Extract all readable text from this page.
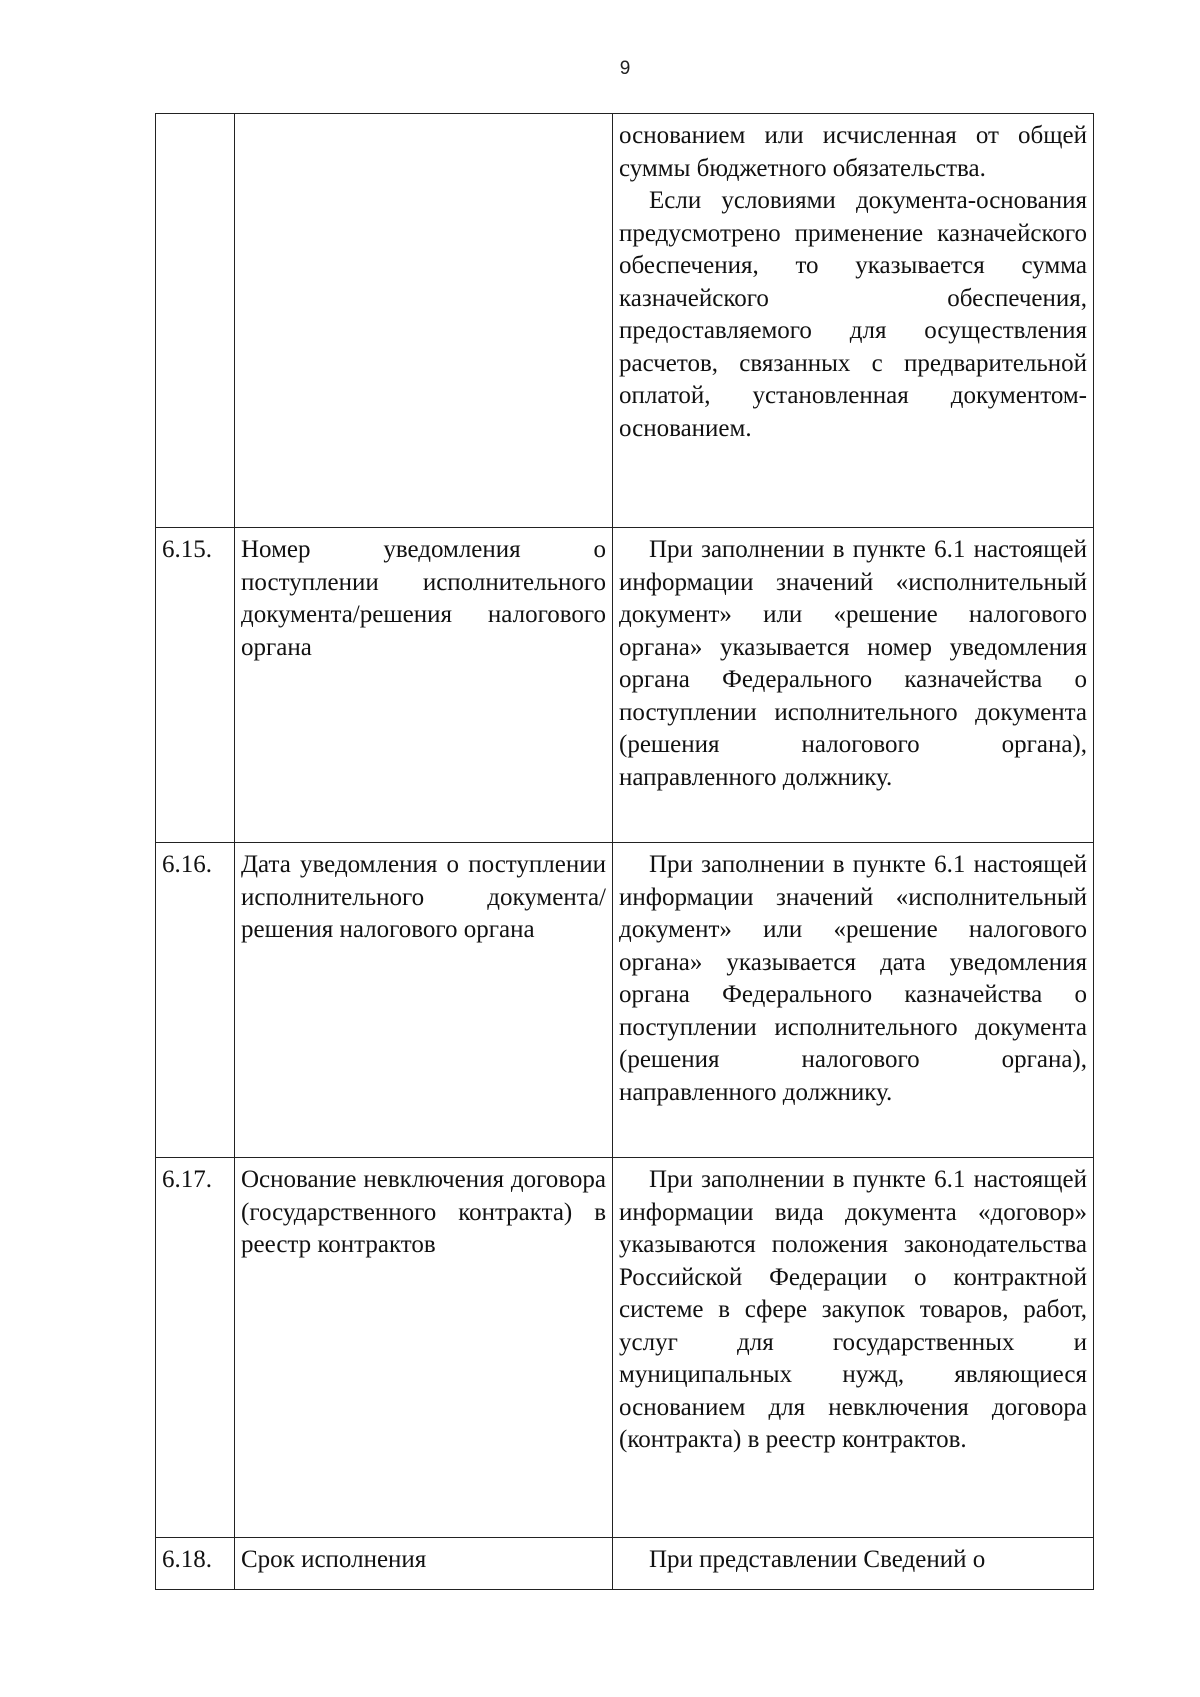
9

		основанием или исчисленная от общей суммы бюджетного обязательства.

Если условиями документа-основания предусмотрено применение казначейского обеспечения, то указывается сумма казначейского обеспечения, предоставляемого для осуществления расчетов, связанных с предварительной оплатой, установленная документом-основанием.

6.15.	Номер уведомления о поступлении исполнительного документа/решения налогового органа	При заполнении в пункте 6.1 настоящей информации значений «исполнительный документ» или «решение налогового органа» указывается номер уведомления органа Федерального казначейства о поступлении исполнительного документа (решения налогового органа), направленного должнику.

6.16.	Дата уведомления о поступлении исполнительного документа/решения налогового органа	При заполнении в пункте 6.1 настоящей информации значений «исполнительный документ» или «решение налогового органа» указывается дата уведомления органа Федерального казначейства о поступлении исполнительного документа (решения налогового органа), направленного должнику.

6.17.	Основание невключения договора (государственного контракта) в реестр контрактов	При заполнении в пункте 6.1 настоящей информации вида документа «договор» указываются положения законодательства Российской Федерации о контрактной системе в сфере закупок товаров, работ, услуг для государственных и муниципальных нужд, являющиеся основанием для невключения договора (контракта) в реестр контрактов.

6.18.	Срок исполнения	При представлении Сведений о
